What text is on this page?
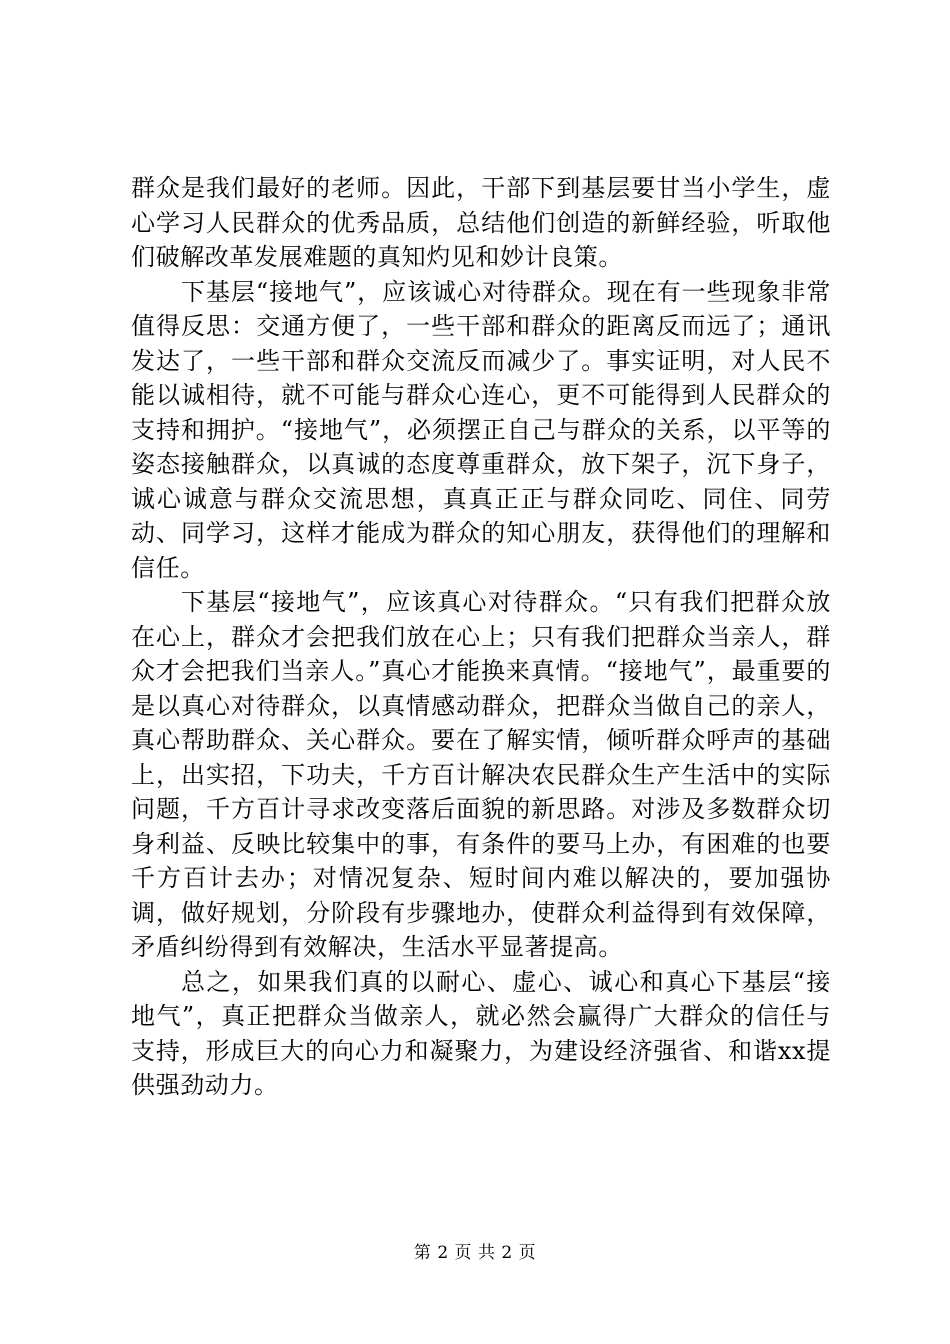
群众是我们最好的老师。因此，干部下到基层要甘当小学生，虚心学习人民群众的优秀品质，总结他们创造的新鲜经验，听取他们破解改革发展难题的真知灼见和妙计良策。

下基层“接地气”，应该诚心对待群众。现在有一些现象非常值得反思：交通方便了，一些干部和群众的距离反而远了；通讯发达了，一些干部和群众交流反而减少了。事实证明，对人民不能以诚相待，就不可能与群众心连心，更不可能得到人民群众的支持和拥护。“接地气”，必须摆正自己与群众的关系，以平等的姿态接触群众，以真诚的态度尊重群众，放下架子，沉下身子，诚心诚意与群众交流思想，真真正正与群众同吃、同住、同劳动、同学习，这样才能成为群众的知心朋友，获得他们的理解和信任。

下基层“接地气”，应该真心对待群众。“只有我们把群众放在心上，群众才会把我们放在心上；只有我们把群众当亲人，群众才会把我们当亲人。”真心才能换来真情。“接地气”，最重要的是以真心对待群众，以真情感动群众，把群众当做自己的亲人，真心帮助群众、关心群众。要在了解实情，倾听群众呼声的基础上，出实招，下功夫，千方百计解决农民群众生产生活中的实际问题，千方百计寻求改变落后面貌的新思路。对涉及多数群众切身利益、反映比较集中的事，有条件的要马上办，有困难的也要千方百计去办；对情况复杂、短时间内难以解决的，要加强协调，做好规划，分阶段有步骤地办，使群众利益得到有效保障，矛盾纠纷得到有效解决，生活水平显著提高。

总之，如果我们真的以耐心、虚心、诚心和真心下基层“接地气”，真正把群众当做亲人，就必然会赢得广大群众的信任与支持，形成巨大的向心力和凝聚力，为建设经济强省、和谐xx提供强劲动力。

第 2 页 共 2 页
